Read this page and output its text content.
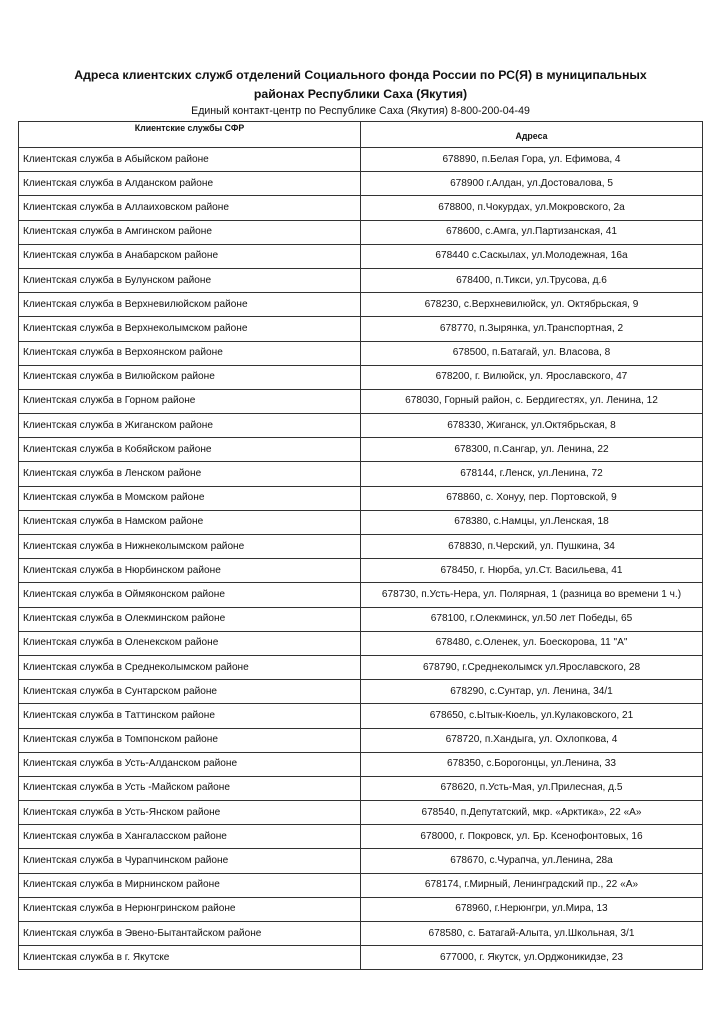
Адреса клиентских служб отделений Социального фонда России по РС(Я) в муниципальных
районах Республики Саха (Якутия)
Единый контакт-центр по Республике Саха (Якутия) 8-800-200-04-49
Клиентские службы СФР	Адреса
Клиентская служба в Абыйском районе	678890, п.Белая Гора, ул. Ефимова, 4
Клиентская служба в Алданском районе	678900 г.Алдан, ул.Достовалова, 5
Клиентская служба в Аллаиховском районе	678800, п.Чокурдах, ул.Мокровского, 2а
Клиентская служба в Амгинском районе	678600, с.Амга, ул.Партизанская, 41
Клиентская служба в Анабарском районе	678440 с.Саскылах, ул.Молодежная, 16а
Клиентская служба в Булунском районе	678400, п.Тикси, ул.Трусова, д.6
Клиентская служба в Верхневилюйском районе	678230, с.Верхневилюйск, ул. Октябрьская, 9
Клиентская служба в Верхнеколымском районе	678770, п.Зырянка, ул.Транспортная, 2
Клиентская служба в Верхоянском районе	678500, п.Батагай, ул. Власова, 8
Клиентская служба в Вилюйском районе	678200, г. Вилюйск, ул. Ярославского, 47
Клиентская служба в Горном районе	678030, Горный район, с. Бердигестях, ул. Ленина, 12
Клиентская служба в Жиганском районе	678330, Жиганск, ул.Октябрьская, 8
Клиентская служба в Кобяйском районе	678300, п.Сангар, ул. Ленина, 22
Клиентская служба в Ленском районе	678144, г.Ленск, ул.Ленина, 72
Клиентская служба в Момском районе	678860, с. Хонуу, пер. Портовской, 9
Клиентская служба в Намском районе	678380, с.Намцы, ул.Ленская, 18
Клиентская служба в Нижнеколымском районе	678830, п.Черский, ул. Пушкина, 34
Клиентская служба в Нюрбинском районе	678450, г. Нюрба, ул.Ст. Васильева, 41
Клиентская служба в Оймяконском районе	678730, п.Усть-Нера, ул. Полярная, 1 (разница во времени 1 ч.)
Клиентская служба в Олекминском районе	678100, г.Олекминск, ул.50 лет Победы, 65
Клиентская служба в Оленекском районе	678480, с.Оленек, ул. Боескорова, 11 "А"
Клиентская служба в Среднеколымском районе	678790, г.Среднеколымск ул.Ярославского, 28
Клиентская служба в Сунтарском районе	678290, с.Сунтар, ул. Ленина, 34/1
Клиентская служба в Таттинском районе	678650, с.Ытык-Кюель, ул.Кулаковского, 21
Клиентская служба в Томпонском районе	678720, п.Хандыга, ул. Охлопкова, 4
Клиентская служба в Усть-Алданском районе	678350, с.Борогонцы, ул.Ленина, 33
Клиентская служба в Усть -Майском районе	678620, п.Усть-Мая, ул.Прилесная, д.5
Клиентская служба в Усть-Янском районе	678540, п.Депутатский, мкр. «Арктика», 22 «А»
Клиентская служба в Хангаласском районе	678000, г. Покровск, ул. Бр. Ксенофонтовых, 16
Клиентская служба в Чурапчинском районе	678670, с.Чурапча, ул.Ленина, 28а
Клиентская служба в Мирнинском районе	678174, г.Мирный, Ленинградский пр., 22 «А»
Клиентская служба в Нерюнгринском районе	678960, г.Нерюнгри, ул.Мира, 13
Клиентская служба в Эвено-Бытантайском районе	678580, с. Батагай-Алыта, ул.Школьная, 3/1
Клиентская служба в г. Якутске	677000, г. Якутск, ул.Орджоникидзе, 23
